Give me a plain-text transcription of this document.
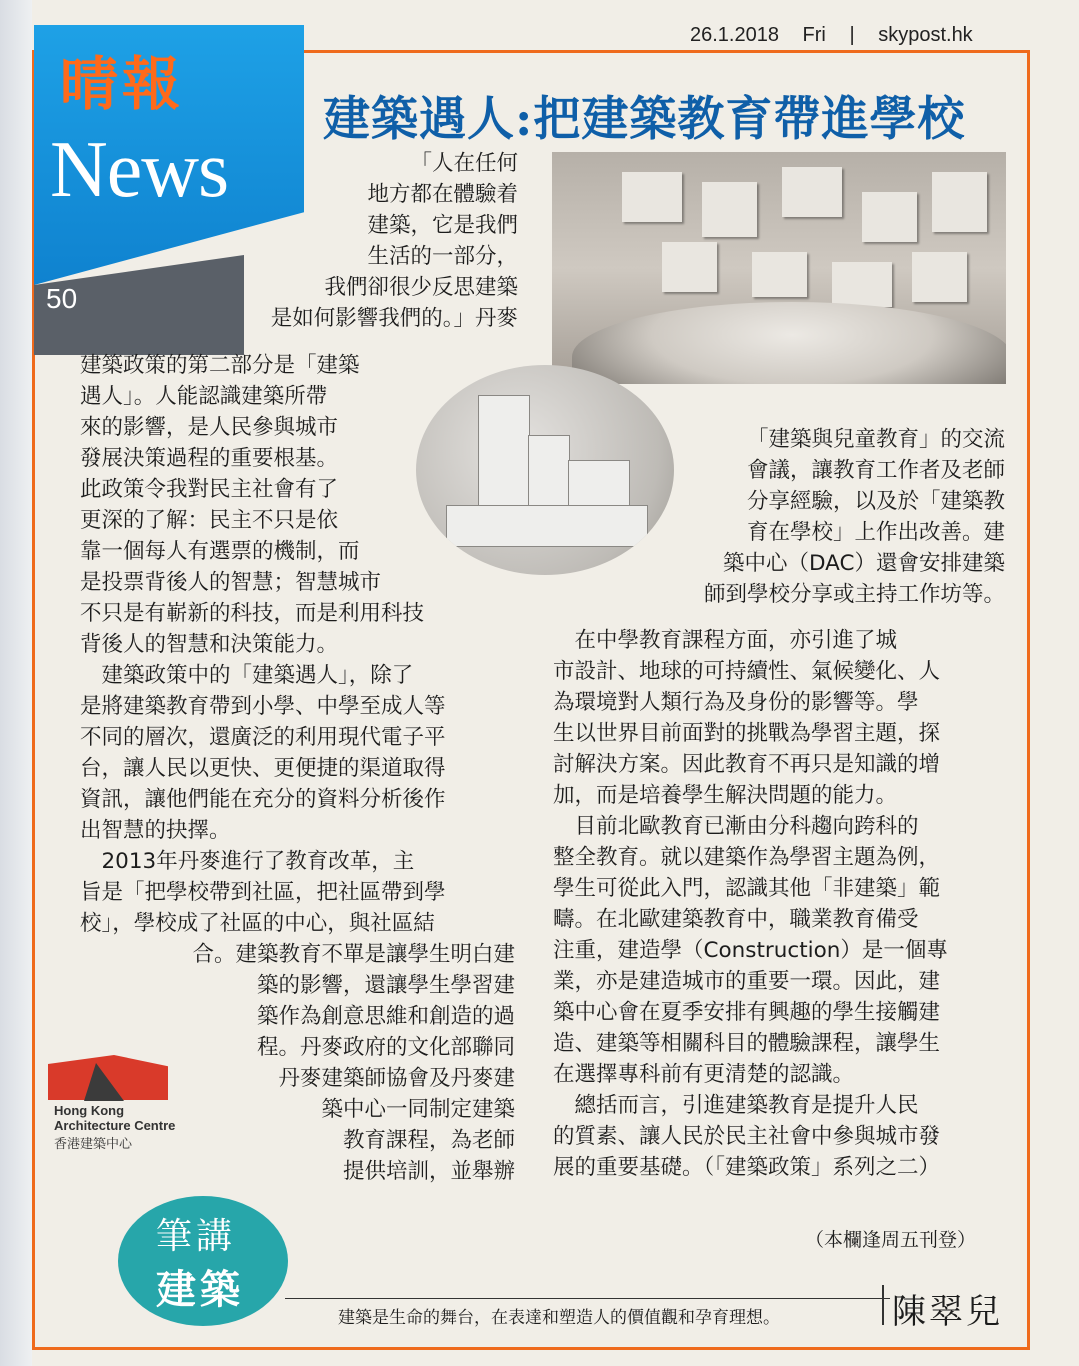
26.1.2018 Fri | skypost.hk
晴報
News
50
建築遇人:把建築教育帶進學校

「人在任何

地方都在體驗着

建築，它是我們

生活的一部分，

我們卻很少反思建築

是如何影響我們的。」丹麥

建築政策的第二部分是「建築

遇人」。人能認識建築所帶

來的影響，是人民參與城市

發展決策過程的重要根基。

此政策令我對民主社會有了

更深的了解：民主不只是依

靠一個每人有選票的機制，而

是投票背後人的智慧；智慧城市

不只是有嶄新的科技，而是利用科技

背後人的智慧和決策能力。

　建築政策中的「建築遇人」，除了

是將建築教育帶到小學、中學至成人等

不同的層次，還廣泛的利用現代電子平

台，讓人民以更快、更便捷的渠道取得

資訊，讓他們能在充分的資料分析後作

出智慧的抉擇。

　2013年丹麥進行了教育改革，主

旨是「把學校帶到社區，把社區帶到學

校」，學校成了社區的中心，與社區結

合。建築教育不單是讓學生明白建

築的影響，還讓學生學習建

築作為創意思維和創造的過

程。丹麥政府的文化部聯同

丹麥建築師協會及丹麥建

築中心一同制定建築

教育課程，為老師

提供培訓，並舉辦

「建築與兒童教育」的交流

會議，讓教育工作者及老師

分享經驗，以及於「建築教

育在學校」上作出改善。建

築中心（DAC）還會安排建築

師到學校分享或主持工作坊等。

　在中學教育課程方面，亦引進了城

市設計、地球的可持續性、氣候變化、人

為環境對人類行為及身份的影響等。學

生以世界目前面對的挑戰為學習主題，探

討解決方案。因此教育不再只是知識的增

加，而是培養學生解決問題的能力。

　目前北歐教育已漸由分科趨向跨科的

整全教育。就以建築作為學習主題為例，

學生可從此入門，認識其他「非建築」範

疇。在北歐建築教育中，職業教育備受

注重，建造學（Construction）是一個專

業，亦是建造城市的重要一環。因此，建

築中心會在夏季安排有興趣的學生接觸建

造、建築等相關科目的體驗課程，讓學生

在選擇專科前有更清楚的認識。

　總括而言，引進建築教育是提升人民

的質素、讓人民於民主社會中參與城市發

展的重要基礎。（「建築政策」系列之二）

（本欄逢周五刊登）
Hong Kong
Architecture Centre
香港建築中心
筆講
建築
建築是生命的舞台，在表達和塑造人的價值觀和孕育理想。	陳翠兒
